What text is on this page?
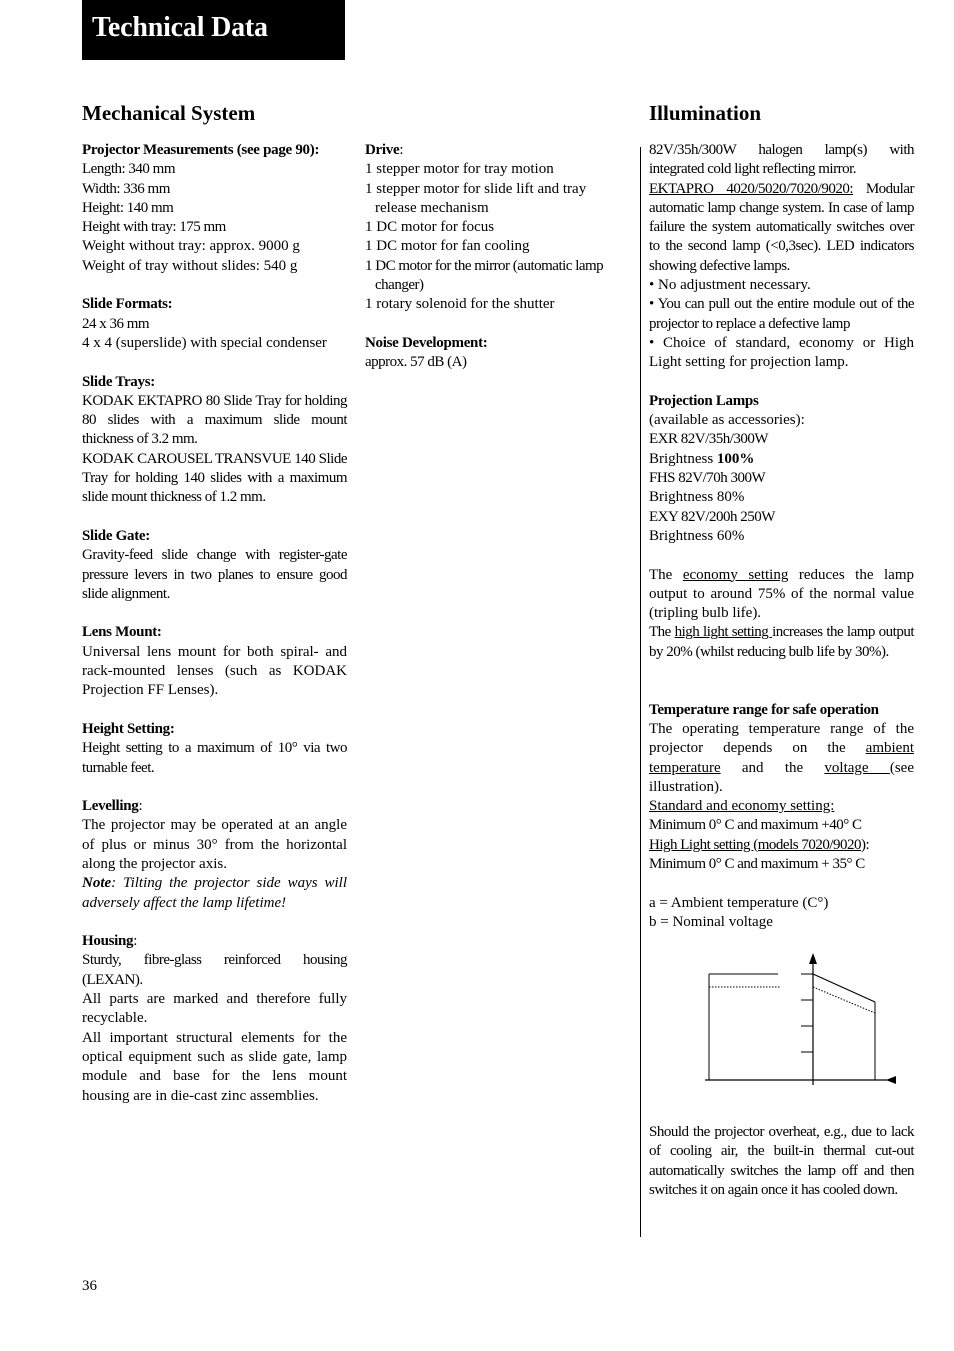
Technical Data
Mechanical System	Illumination

Projector Measurements (see page 90):

Length: 340 mm

Width: 336 mm

Height: 140 mm

Height with tray: 175 mm

Weight without tray: approx. 9000 g

Weight of tray without slides: 540 g

Slide Formats:

24 x 36 mm

4 x 4 (superslide) with special condenser

Slide Trays:

KODAK EKTAPRO 80 Slide Tray for holding 80 slides with a maximum slide mount thickness of 3.2 mm.

KODAK CAROUSEL TRANSVUE 140 Slide Tray for holding 140 slides with a maximum slide mount thickness of 1.2 mm.

Slide Gate:

Gravity-feed slide change with register-gate pressure levers in two planes to ensure good slide alignment.

Lens Mount:

Universal lens mount for both spiral- and rack-mounted lenses (such as KODAK Projection FF Lenses).

Height Setting:

Height setting to a maximum of 10° via two turnable feet.

Levelling:

The projector may be operated at an angle of plus or minus 30° from the horizontal along the projector axis.

Note: Tilting the projector side ways will adversely affect the lamp lifetime!

Housing:

Sturdy, fibre-glass reinforced housing (LEXAN).

All parts are marked and therefore fully recyclable.

All important structural elements for the optical equipment such as slide gate, lamp module and base for the lens mount housing are in die-cast zinc assemblies.

Drive:

1 stepper motor for tray motion

1 stepper motor for slide lift and tray release mechanism

1 DC motor for focus

1 DC motor for fan cooling

1 DC motor for the mirror (automatic lamp changer)

1 rotary solenoid for the shutter

Noise Development:

approx. 57 dB (A)

82V/35h/300W halogen lamp(s) with integrated cold light reflecting mirror.

EKTAPRO 4020/5020/7020/9020: Modular automatic lamp change system. In case of lamp failure the system automatically switches over to the second lamp (<0,3sec). LED indicators showing defective lamps.

• No adjustment necessary.

• You can pull out the entire module out of the projector to replace a defective lamp

• Choice of standard, economy or High Light setting for projection lamp.

Projection Lamps

(available as accessories):

EXR 82V/35h/300W

Brightness 100%

FHS 82V/70h 300W

Brightness 80%

EXY 82V/200h 250W

Brightness 60%

The economy setting reduces the lamp output to around 75% of the normal value (tripling bulb life).

The high light setting increases the lamp output by 20% (whilst reducing bulb life by 30%).

Temperature range for safe operation

The operating temperature range of the projector depends on the ambient temperature and the voltage (see illustration).

Standard and economy setting:

Minimum 0° C and maximum +40° C

High Light setting (models 7020/9020):

Minimum 0° C and maximum + 35° C

a = Ambient temperature (C°)

b = Nominal voltage

Should the projector overheat, e.g., due to lack of cooling air, the built-in thermal cut-out automatically switches the lamp off and then switches it on again once it has cooled down.

36
